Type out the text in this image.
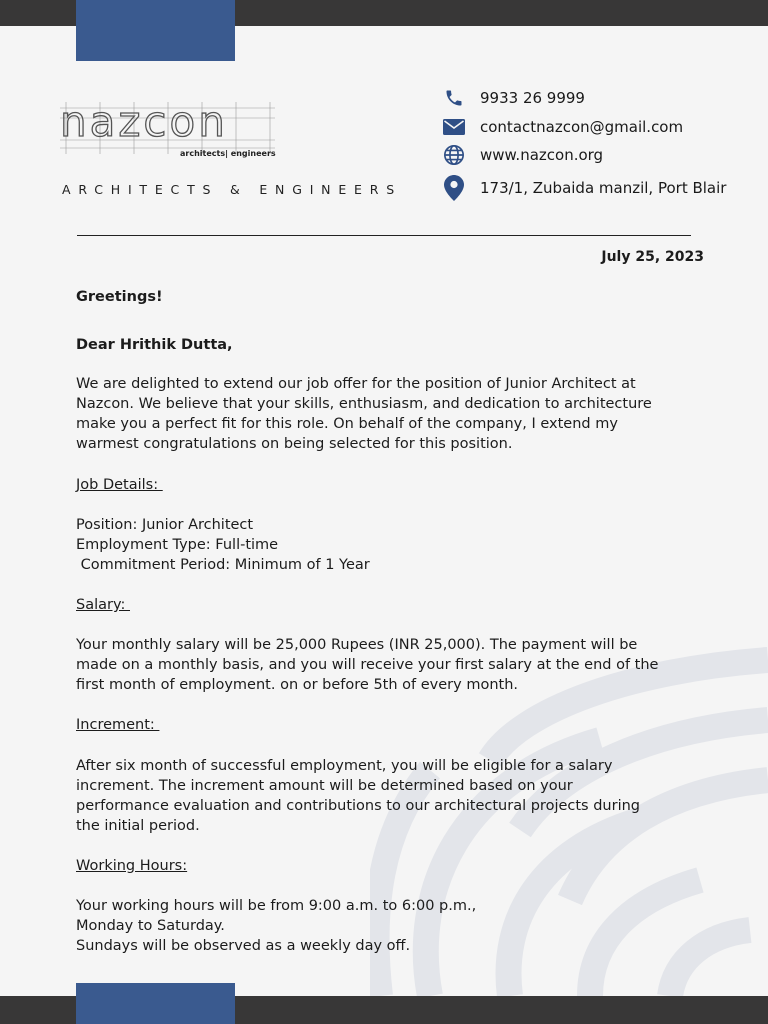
nazcon
architects| engineers
ARCHITECTS & ENGINEERS
9933 26 9999
contactnazcon@gmail.com
www.nazcon.org
173/1, Zubaida manzil, Port Blair
July 25, 2023
Greetings!
Dear Hrithik Dutta,
We are delighted to extend our job offer for the position of Junior Architect at
Nazcon. We believe that your skills, enthusiasm, and dedication to architecture
make you a perfect fit for this role. On behalf of the company, I extend my
warmest congratulations on being selected for this position.
Job Details:
Position: Junior Architect
Employment Type: Full-time
Commitment Period: Minimum of 1 Year
Salary:
Your monthly salary will be 25,000 Rupees (INR 25,000). The payment will be
made on a monthly basis, and you will receive your first salary at the end of the
first month of employment. on or before 5th of every month.
Increment:
After six month of successful employment, you will be eligible for a salary
increment. The increment amount will be determined based on your
performance evaluation and contributions to our architectural projects during
the initial period.
Working Hours:
Your working hours will be from 9:00 a.m. to 6:00 p.m.,
Monday to Saturday.
Sundays will be observed as a weekly day off.
